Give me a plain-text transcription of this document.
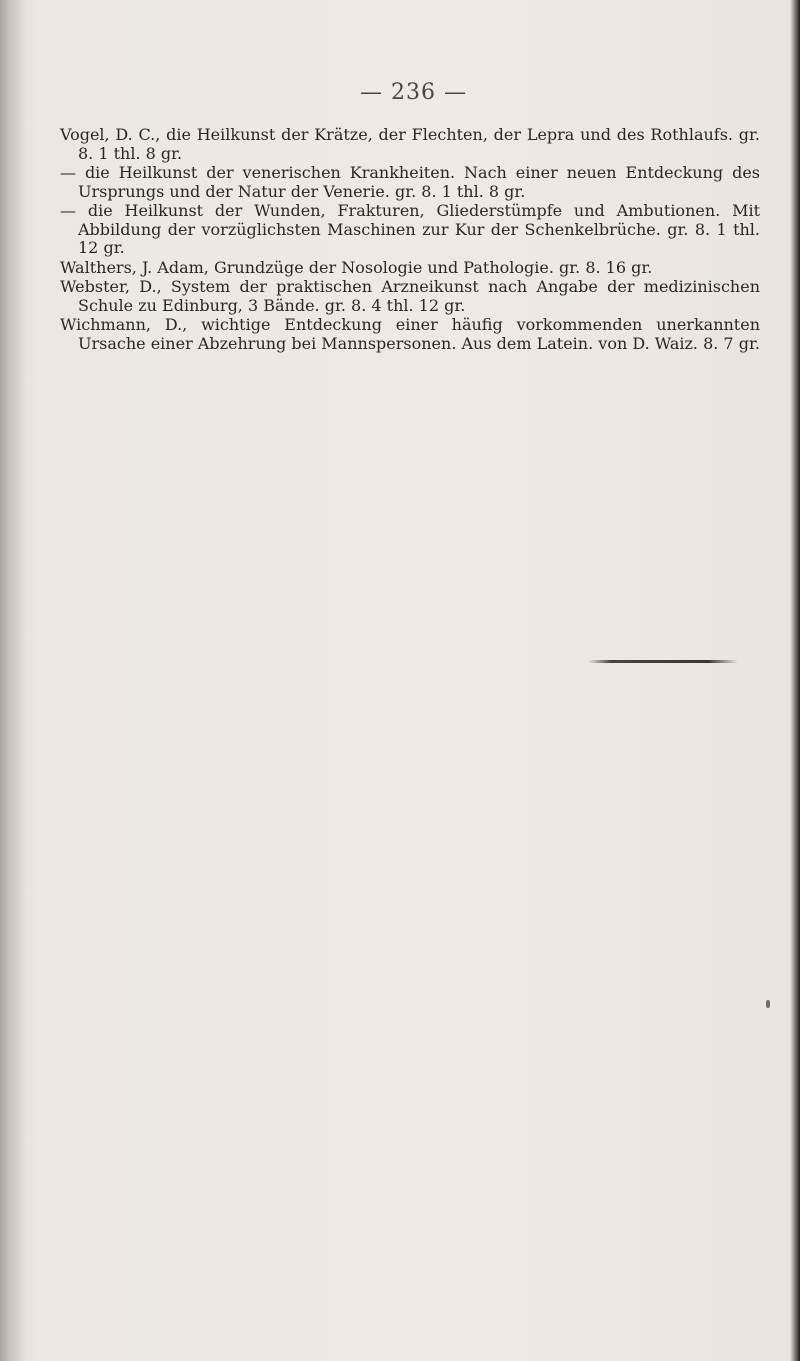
— 236 —

Vogel, D. C., die Heilkunst der Krätze, der Flechten, der Lepra und des Rothlaufs. gr. 8. 1 thl. 8 gr.

— die Heilkunst der venerischen Krankheiten. Nach einer neuen Entdeckung des Ursprungs und der Natur der Venerie. gr. 8. 1 thl. 8 gr.

— die Heilkunst der Wunden, Frakturen, Gliederstümpfe und Ambutionen. Mit Abbildung der vorzüglichsten Maschinen zur Kur der Schenkelbrüche. gr. 8. 1 thl. 12 gr.

Walthers, J. Adam, Grundzüge der Nosologie und Pathologie. gr. 8. 16 gr.

Webster, D., System der praktischen Arzneikunst nach Angabe der medizinischen Schule zu Edinburg, 3 Bände. gr. 8. 4 thl. 12 gr.

Wichmann, D., wichtige Entdeckung einer häufig vorkommenden unerkannten Ursache einer Abzehrung bei Mannspersonen. Aus dem Latein. von D. Waiz. 8. 7 gr.
